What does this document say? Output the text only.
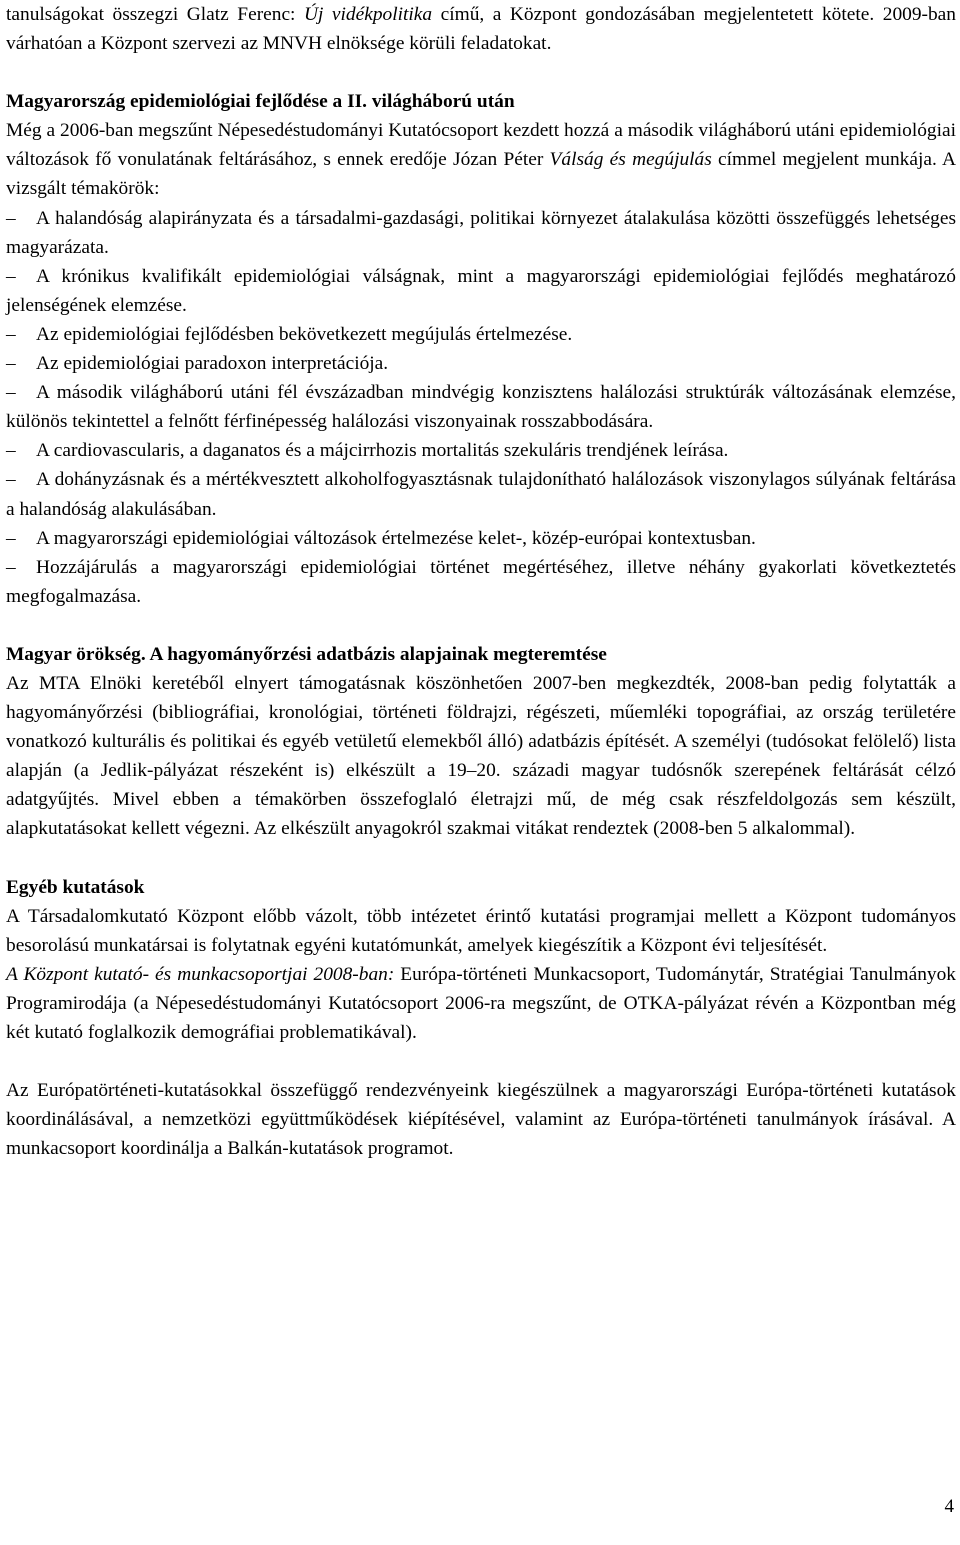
tanulságokat összegzi Glatz Ferenc: Új vidékpolitika című, a Központ gondozásában megjelentetett kötete. 2009-ban várhatóan a Központ szervezi az MNVH elnöksége körüli feladatokat.

Magyarország epidemiológiai fejlődése a II. világháború után

Még a 2006-ban megszűnt Népesedéstudományi Kutatócsoport kezdett hozzá a második világháború utáni epidemiológiai változások fő vonulatának feltárásához, s ennek eredője Józan Péter Válság és megújulás címmel megjelent munkája. A vizsgált témakörök:

– A halandóság alapirányzata és a társadalmi-gazdasági, politikai környezet átalakulása közötti összefüggés lehetséges magyarázata.

– A krónikus kvalifikált epidemiológiai válságnak, mint a magyarországi epidemiológiai fejlődés meghatározó jelenségének elemzése.

– Az epidemiológiai fejlődésben bekövetkezett megújulás értelmezése.

– Az epidemiológiai paradoxon interpretációja.

– A második világháború utáni fél évszázadban mindvégig konzisztens halálozási struktúrák változásának elemzése, különös tekintettel a felnőtt férfinépesség halálozási viszonyainak rosszabbodására.

– A cardiovascularis, a daganatos és a májcirrhozis mortalitás szekuláris trendjének leírása.

– A dohányzásnak és a mértékvesztett alkoholfogyasztásnak tulajdonítható halálozások viszonylagos súlyának feltárása a halandóság alakulásában.

– A magyarországi epidemiológiai változások értelmezése kelet-, közép-európai kontextusban.

– Hozzájárulás a magyarországi epidemiológiai történet megértéséhez, illetve néhány gyakorlati következtetés megfogalmazása.

Magyar örökség. A hagyományőrzési adatbázis alapjainak megteremtése

Az MTA Elnöki keretéből elnyert támogatásnak köszönhetően 2007-ben megkezdték, 2008-ban pedig folytatták a hagyományőrzési (bibliográfiai, kronológiai, történeti földrajzi, régészeti, műemléki topográfiai, az ország területére vonatkozó kulturális és politikai és egyéb vetületű elemekből álló) adatbázis építését. A személyi (tudósokat felölelő) lista alapján (a Jedlik-pályázat részeként is) elkészült a 19–20. századi magyar tudósnők szerepének feltárását célzó adatgyűjtés. Mivel ebben a témakörben összefoglaló életrajzi mű, de még csak részfeldolgozás sem készült, alapkutatásokat kellett végezni. Az elkészült anyagokról szakmai vitákat rendeztek (2008-ben 5 alkalommal).

Egyéb kutatások

A Társadalomkutató Központ előbb vázolt, több intézetet érintő kutatási programjai mellett a Központ tudományos besorolású munkatársai is folytatnak egyéni kutatómunkát, amelyek kiegészítik a Központ évi teljesítését.

A Központ kutató- és munkacsoportjai 2008-ban: Európa-történeti Munkacsoport, Tudománytár, Stratégiai Tanulmányok Programirodája (a Népesedéstudományi Kutatócsoport 2006-ra megszűnt, de OTKA-pályázat révén a Központban még két kutató foglalkozik demográfiai problematikával).

Az Európatörténeti-kutatásokkal összefüggő rendezvényeink kiegészülnek a magyarországi Európa-történeti kutatások koordinálásával, a nemzetközi együttműködések kiépítésével, valamint az Európa-történeti tanulmányok írásával. A munkacsoport koordinálja a Balkán-kutatások programot.

4
